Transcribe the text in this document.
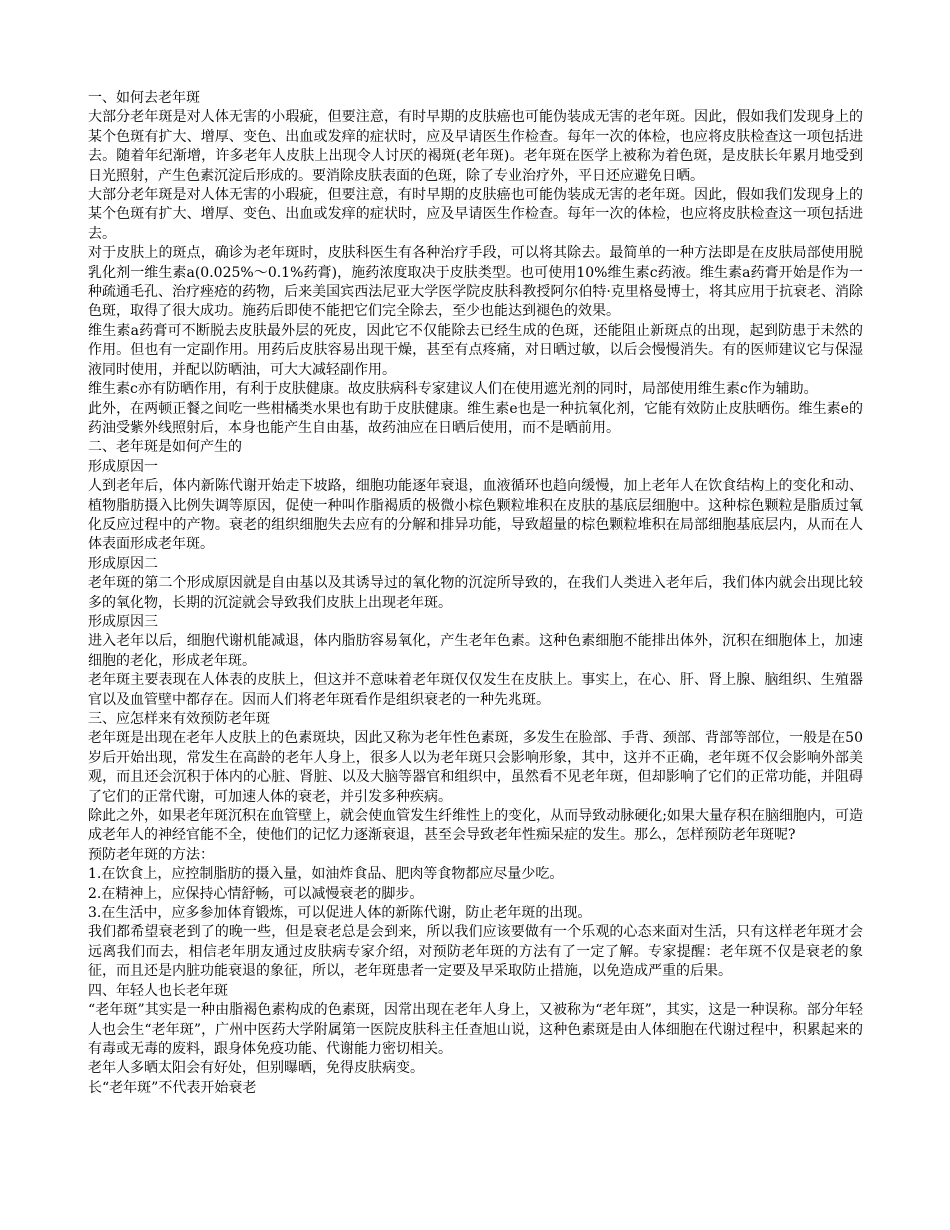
一、如何去老年斑

大部分老年斑是对人体无害的小瑕疵，但要注意，有时早期的皮肤癌也可能伪装成无害的老年斑。因此，假如我们发现身上的某个色斑有扩大、增厚、变色、出血或发痒的症状时，应及早请医生作检查。每年一次的体检，也应将皮肤检查这一项包括进去。随着年纪渐增，许多老年人皮肤上出现令人讨厌的褐斑(老年斑)。老年斑在医学上被称为着色斑，是皮肤长年累月地受到日光照射，产生色素沉淀后形成的。要消除皮肤表面的色斑，除了专业治疗外，平日还应避免日晒。

大部分老年斑是对人体无害的小瑕疵，但要注意，有时早期的皮肤癌也可能伪装成无害的老年斑。因此，假如我们发现身上的某个色斑有扩大、增厚、变色、出血或发痒的症状时，应及早请医生作检查。每年一次的体检，也应将皮肤检查这一项包括进去。

对于皮肤上的斑点，确诊为老年斑时，皮肤科医生有各种治疗手段，可以将其除去。最简单的一种方法即是在皮肤局部使用脱乳化剂一维生素a(0.025%～0.1%药膏)，施药浓度取决于皮肤类型。也可使用10%维生素c药液。维生素a药膏开始是作为一种疏通毛孔、治疗痤疮的药物，后来美国宾西法尼亚大学医学院皮肤科教授阿尔伯特·克里格曼博士，将其应用于抗衰老、消除色斑，取得了很大成功。施药后即使不能把它们完全除去，至少也能达到褪色的效果。

维生素a药膏可不断脱去皮肤最外层的死皮，因此它不仅能除去已经生成的色斑，还能阻止新斑点的出现，起到防患于未然的作用。但也有一定副作用。用药后皮肤容易出现干燥，甚至有点疼痛，对日晒过敏，以后会慢慢消失。有的医师建议它与保湿液同时使用，并配以防晒油，可大大减轻副作用。

维生素c亦有防晒作用，有利于皮肤健康。故皮肤病科专家建议人们在使用遮光剂的同时，局部使用维生素c作为辅助。

此外，在两顿正餐之间吃一些柑橘类水果也有助于皮肤健康。维生素e也是一种抗氧化剂，它能有效防止皮肤晒伤。维生素e的药油受紫外线照射后，本身也能产生自由基，故药油应在日晒后使用，而不是晒前用。

二、老年斑是如何产生的

形成原因一

人到老年后，体内新陈代谢开始走下坡路，细胞功能逐年衰退，血液循环也趋向缓慢，加上老年人在饮食结构上的变化和动、植物脂肪摄入比例失调等原因，促使一种叫作脂褐质的极微小棕色颗粒堆积在皮肤的基底层细胞中。这种棕色颗粒是脂质过氧化反应过程中的产物。衰老的组织细胞失去应有的分解和排异功能，导致超量的棕色颗粒堆积在局部细胞基底层内，从而在人体表面形成老年斑。

形成原因二

老年斑的第二个形成原因就是自由基以及其诱导过的氧化物的沉淀所导致的，在我们人类进入老年后，我们体内就会出现比较多的氧化物，长期的沉淀就会导致我们皮肤上出现老年斑。

形成原因三

进入老年以后，细胞代谢机能减退，体内脂肪容易氧化，产生老年色素。这种色素细胞不能排出体外，沉积在细胞体上，加速细胞的老化，形成老年斑。

老年斑主要表现在人体表的皮肤上，但这并不意味着老年斑仅仅发生在皮肤上。事实上，在心、肝、肾上腺、脑组织、生殖器官以及血管壁中都存在。因而人们将老年斑看作是组织衰老的一种先兆斑。

三、应怎样来有效预防老年斑

老年斑是出现在老年人皮肤上的色素斑块，因此又称为老年性色素斑，多发生在脸部、手背、颈部、背部等部位，一般是在50岁后开始出现，常发生在高龄的老年人身上，很多人以为老年斑只会影响形象，其中，这并不正确，老年斑不仅会影响外部美观，而且还会沉积于体内的心脏、肾脏、以及大脑等器官和组织中，虽然看不见老年斑，但却影响了它们的正常功能，并阻碍了它们的正常代谢，可加速人体的衰老，并引发多种疾病。

除此之外，如果老年斑沉积在血管壁上，就会使血管发生纤维性上的变化，从而导致动脉硬化;如果大量存积在脑细胞内，可造成老年人的神经官能不全，使他们的记忆力逐渐衰退，甚至会导致老年性痴呆症的发生。那么，怎样预防老年斑呢?

预防老年斑的方法：

1.在饮食上，应控制脂肪的摄入量，如油炸食品、肥肉等食物都应尽量少吃。

2.在精神上，应保持心情舒畅，可以减慢衰老的脚步。

3.在生活中，应多参加体育锻炼，可以促进人体的新陈代谢，防止老年斑的出现。

我们都希望衰老到了的晚一些，但是衰老总是会到来，所以我们应该要做有一个乐观的心态来面对生活，只有这样老年斑才会远离我们而去，相信老年朋友通过皮肤病专家介绍，对预防老年斑的方法有了一定了解。专家提醒：老年斑不仅是衰老的象征，而且还是内脏功能衰退的象征，所以，老年斑患者一定要及早采取防止措施，以免造成严重的后果。

四、年轻人也长老年斑

“老年斑”其实是一种由脂褐色素构成的色素斑，因常出现在老年人身上，又被称为“老年斑”，其实，这是一种误称。部分年轻人也会生“老年斑”，广州中医药大学附属第一医院皮肤科主任查旭山说，这种色素斑是由人体细胞在代谢过程中，积累起来的有毒或无毒的废料，跟身体免疫功能、代谢能力密切相关。

老年人多晒太阳会有好处，但别曝晒，免得皮肤病变。

长“老年斑”不代表开始衰老
